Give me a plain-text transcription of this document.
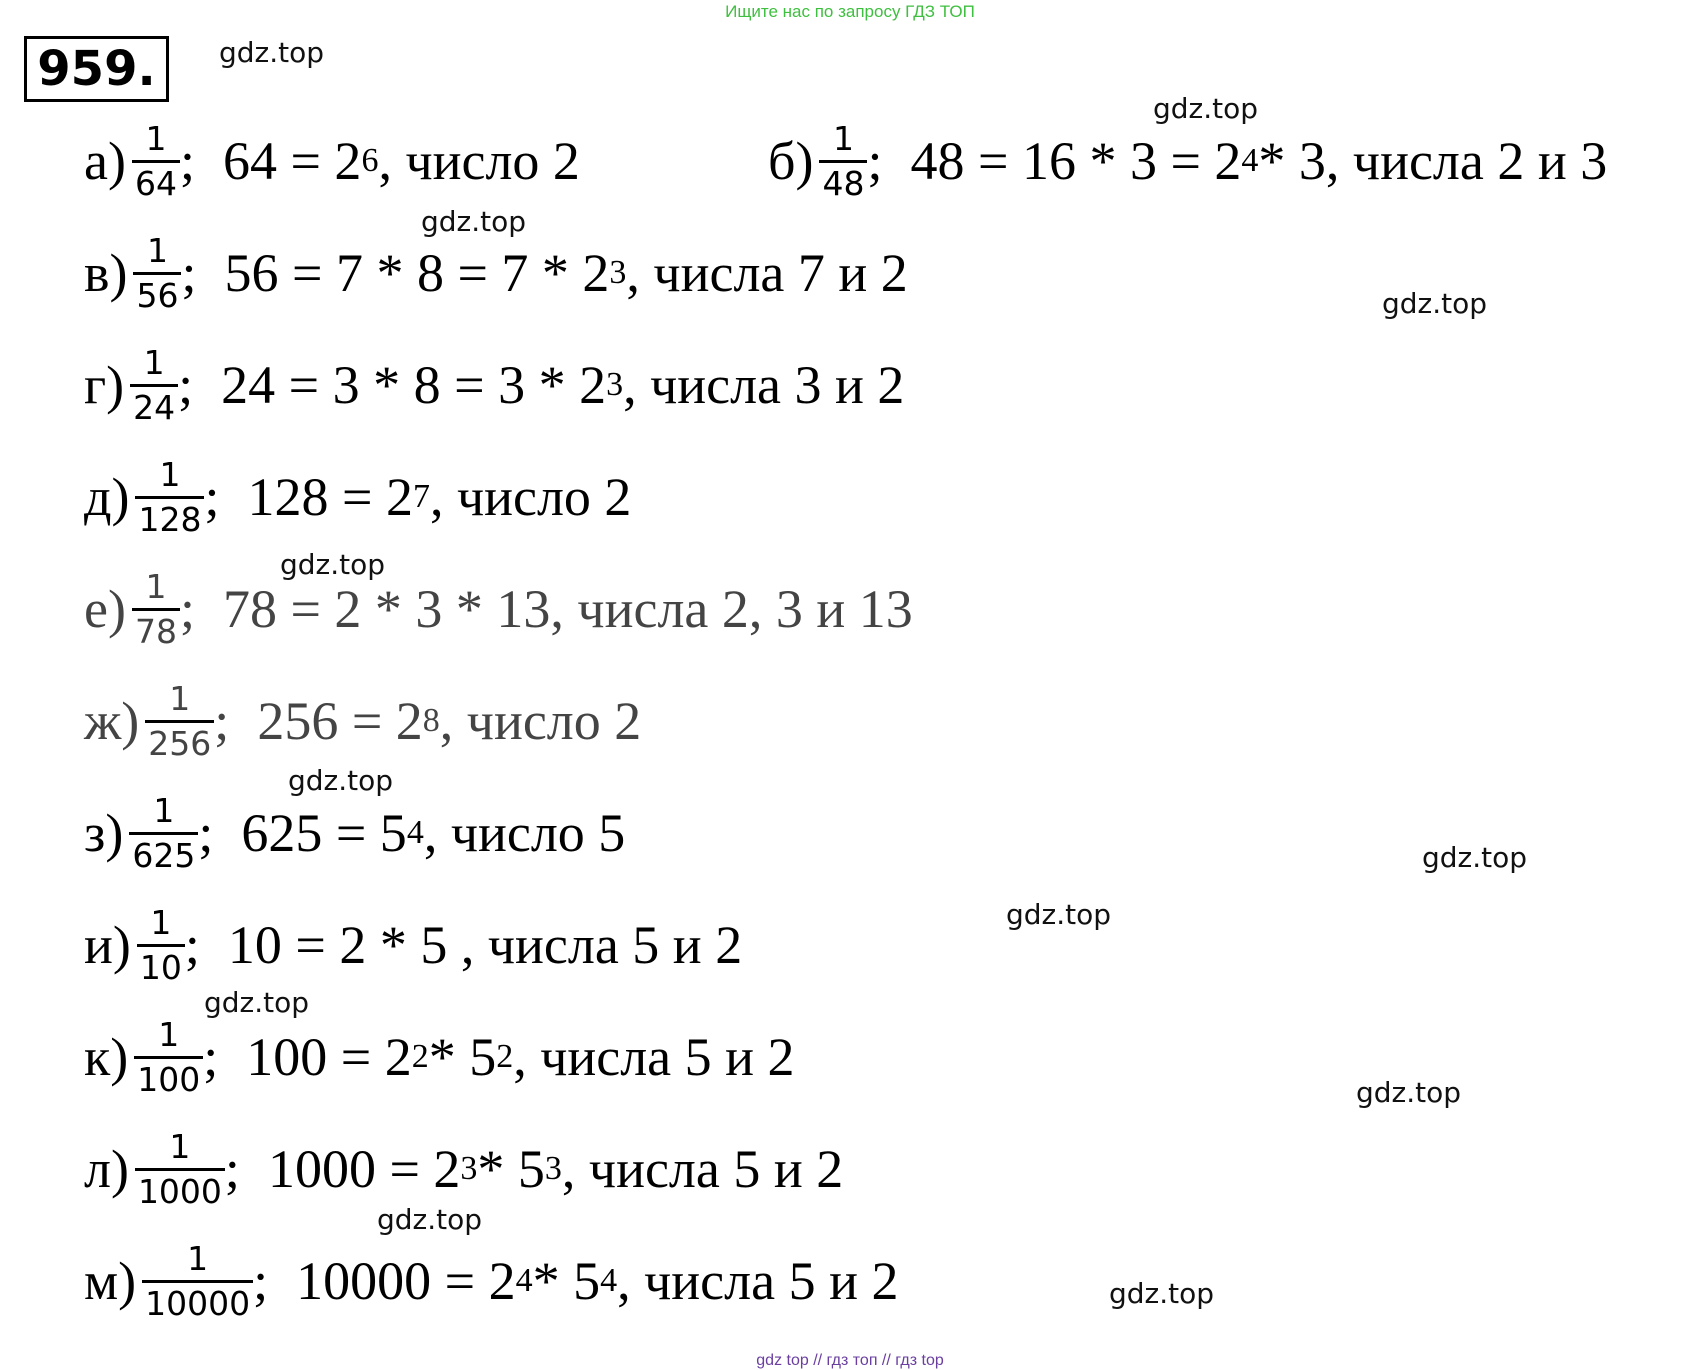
Ищите нас по запросу ГДЗ ТОП
959.	gdz.top
gdz.top
gdz.top
gdz.top
gdz.top
gdz.top
gdz.top
gdz.top
gdz.top
gdz.top
gdz.top
gdz.top
$а) \frac{1}{64}$ ; 64 = 2 6 , число 2	$б) \frac{1}{48}$ ; 48 = 16 * 3 = 2 4 * 3, числа 2 и 3
$в) \frac{1}{56}$ ; 56 = 7 * 8 = 7 * 2 3 , числа 7 и 2
$г) \frac{1}{24}$ ; 24 = 3 * 8 = 3 * 2 3 , числа 3 и 2
$д) \frac{1}{128}$ ; 128 = 2 7 , число 2
$е) \frac{1}{78}$ ; 78 = 2 * 3 * 13, числа 2, 3 и 13
$ж) \frac{1}{256}$ ; 256 = 2 8 , число 2
$з) \frac{1}{625}$ ; 625 = 5 4 , число 5
$и) \frac{1}{10}$ ; 10 = 2 * 5 , числа 5 и 2
$к) \frac{1}{100}$ ; 100 = 2 2 * 5 2 , числа 5 и 2
$л) \frac{1}{1000}$ ; 1000 = 2 3 * 5 3 , числа 5 и 2
$м) \frac{1}{10000}$ ; 10000 = 2 4 * 5 4 , числа 5 и 2
gdz top // гдз топ // гдз top
